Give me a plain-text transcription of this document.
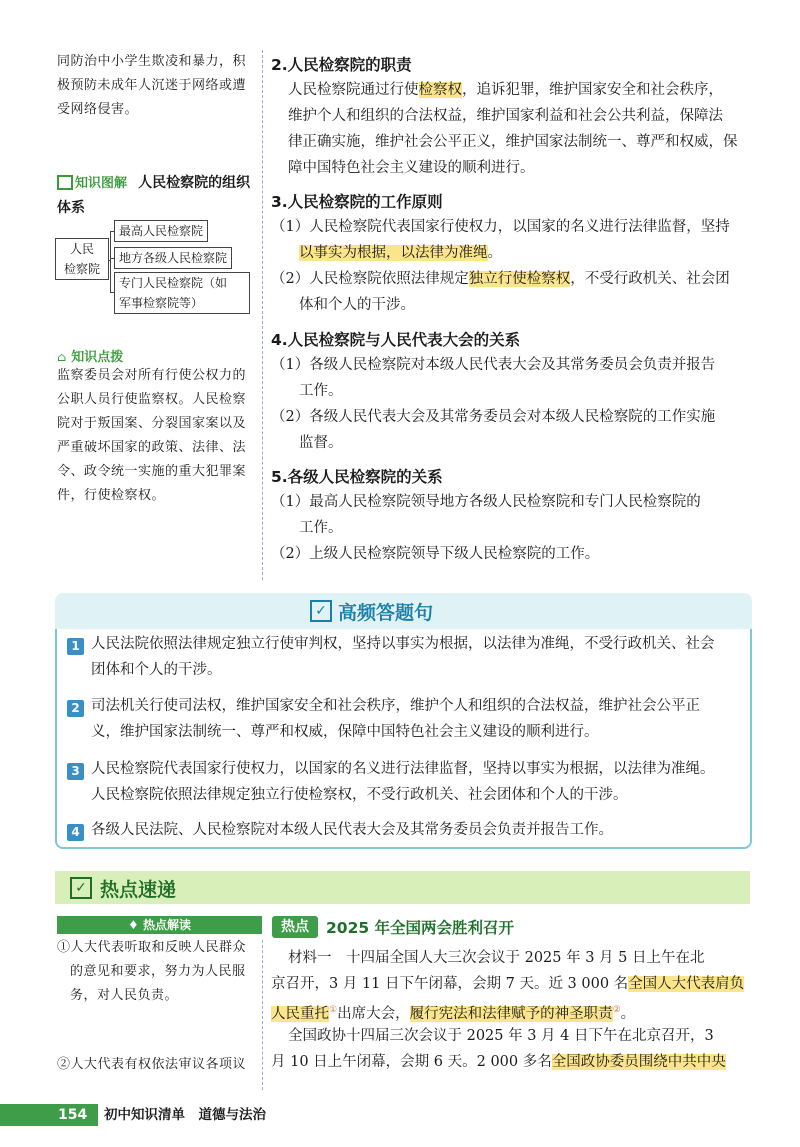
同防治中小学生欺凌和暴力，积
极预防未成年人沉迷于网络或遭
受网络侵害。
知识图解 人民检察院的组织
体系
人民
检察院
最高人民检察院
地方各级人民检察院
专门人民检察院（如
军事检察院等）
⌂ 知识点拨
监察委员会对所有行使公权力的
公职人员行使监察权。人民检察
院对于叛国案、分裂国家案以及
严重破坏国家的政策、法律、法
令、政令统一实施的重大犯罪案
件，行使检察权。
2.人民检察院的职责
人民检察院通过行使检察权，追诉犯罪，维护国家安全和社会秩序，
维护个人和组织的合法权益，维护国家利益和社会公共利益，保障法
律正确实施，维护社会公平正义，维护国家法制统一、尊严和权威，保
障中国特色社会主义建设的顺利进行。
3.人民检察院的工作原则
（1）人民检察院代表国家行使权力，以国家的名义进行法律监督，坚持
以事实为根据，以法律为准绳。
（2）人民检察院依照法律规定独立行使检察权，不受行政机关、社会团
体和个人的干涉。
4.人民检察院与人民代表大会的关系
（1）各级人民检察院对本级人民代表大会及其常务委员会负责并报告
工作。
（2）各级人民代表大会及其常务委员会对本级人民检察院的工作实施
监督。
5.各级人民检察院的关系
（1）最高人民检察院领导地方各级人民检察院和专门人民检察院的
工作。
（2）上级人民检察院领导下级人民检察院的工作。
✓ 高频答题句
1 人民法院依照法律规定独立行使审判权，坚持以事实为根据，以法律为准绳，不受行政机关、社会
团体和个人的干涉。
2 司法机关行使司法权，维护国家安全和社会秩序，维护个人和组织的合法权益，维护社会公平正
义，维护国家法制统一、尊严和权威，保障中国特色社会主义建设的顺利进行。
3 人民检察院代表国家行使权力，以国家的名义进行法律监督，坚持以事实为根据，以法律为准绳。
人民检察院依照法律规定独立行使检察权，不受行政机关、社会团体和个人的干涉。
4 各级人民法院、人民检察院对本级人民代表大会及其常务委员会负责并报告工作。
✓ 热点速递
♦ 热点解读
①人大代表听取和反映人民群众
的意见和要求，努力为人民服
务，对人民负责。
②人大代表有权依法审议各项议
热点	2025 年全国两会胜利召开
材料一　十四届全国人大三次会议于 2025 年 3 月 5 日上午在北
京召开，3 月 11 日下午闭幕，会期 7 天。近 3 000 名全国人大代表肩负
人民重托①出席大会，履行宪法和法律赋予的神圣职责②。
全国政协十四届三次会议于 2025 年 3 月 4 日下午在北京召开，3
月 10 日上午闭幕，会期 6 天。2 000 多名全国政协委员围绕中共中央
154 初中知识清单　道德与法治
